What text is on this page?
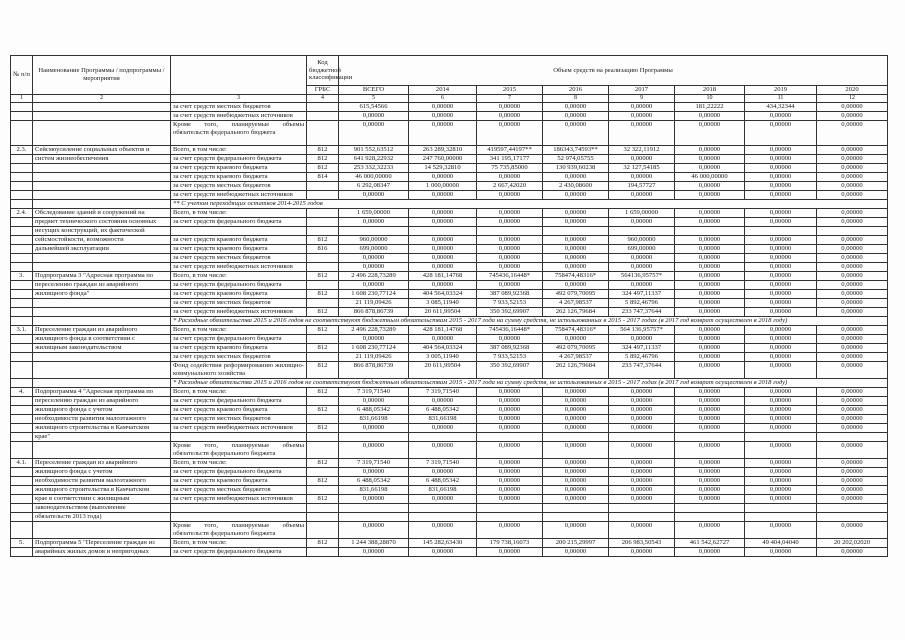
№ п/п	Наименование Программы / подпрограммы / мероприятия		Код бюджетной классификации	Объем средств на реализацию Программы							
			ГРБС	ВСЕГО	2014	2015	2016	2017	2018	2019	2020
1	2	3	4	5	6	7	8	9	10	11	12
		за счет средств местных бюджетов		615,54566	0,00000	0,00000	0,00000	0,00000	181,22222	434,32344	0,00000
		за счет средств внебюджетных источников		0,00000	0,00000	0,00000	0,00000	0,00000	0,00000	0,00000	0,00000
		Кроме того, планируемые объемы обязательств федерального бюджета		0,00000	0,00000	0,00000	0,00000	0,00000	0,00000	0,00000	0,00000
2.3.	Сейсмоусиление социальных объектов и	Всего, в том числе:	812	901 552,63512	263 289,32810	419597,44197**	186343,74593**	32 322,11912	0,00000	0,00000	0,00000
	систем жизнеобеспечения	за счет средств федерального бюджета	812	641 928,22932	247 760,00000	341 195,17177	52 974,05755	0,00000	0,00000	0,00000	0,00000
		за счет средств краевого бюджета	812	253 332,32233	14 529,32810	75 735,85000	130 939,60238	32 127,54185	0,00000	0,00000	0,00000
		за счет средств краевого бюджета	814	46 000,00000	0,00000	0,00000	0,00000	0,00000	46 000,00000	0,00000	0,00000
		за счет средств местных бюджетов		6 292,08347	1 000,00000	2 667,42020	2 430,08600	194,57727	0,00000	0,00000	0,00000
		за счет средств внебюджетных источников		0,00000	0,00000	0,00000	0,00000	0,00000	0,00000	0,00000	0,00000
		** С учетом переходящих остатков 2014-2015 годов									
2.4.	Обследование зданий и сооружений на	Всего, в том числе:		1 659,00000	0,00000	0,00000	0,00000	1 659,00000	0,00000	0,00000	0,00000
	предмет технического состояния основных	за счет средств федерального бюджета		0,00000	0,00000	0,00000	0,00000	0,00000	0,00000	0,00000	0,00000
	несущих конструкций, их фактической										
	сейсмостойкости, возможности	за счет средств краевого бюджета	812	960,00000	0,00000	0,00000	0,00000	960,00000	0,00000	0,00000	0,00000
	дальнейшей эксплуатации	за счет средств краевого бюджета	816	699,00000	0,00000	0,00000	0,00000	699,00000	0,00000	0,00000	0,00000
		за счет средств местных бюджетов		0,00000	0,00000	0,00000	0,00000	0,00000	0,00000	0,00000	0,00000
		за счет средств внебюджетных источников		0,00000	0,00000	0,00000	0,00000	0,00000	0,00000	0,00000	0,00000
3.	Подпрограмма 3 "Адресная программа по	Всего, в том числе:	812	2 496 228,73289	428 181,14768	745436,16448*	758474,48316*	564136,95757*	0,00000	0,00000	0,00000
	переселению граждан из аварийного	за счет средств федерального бюджета		0,00000	0,00000	0,00000	0,00000	0,00000	0,00000	0,00000	0,00000
	жилищного фонда"	за счет средств краевого бюджета	812	1 608 230,77124	404 564,03324	387 089,92368	492 079,70095	324 497,11337	0,00000	0,00000	0,00000
		за счет средств местных бюджетов		21 119,09426	3 085,11940	7 933,52153	4 267,98537	5 892,46796	0,00000	0,00000	0,00000
		за счет средств внебюджетных источников	812	866 878,86739	20 611,99504	350 392,69907	262 126,79684	233 747,37644	0,00000	0,00000	0,00000
		* Расходные обязательства 2015 и 2016 годов не соответствуют бюджетным обязательствам 2015 - 2017 года на сумму средств, не использованных в 2015 - 2017 годах (в 2017 год возврат осуществлен в 2018 году)									
3.1.	Переселение граждан из аварийного	Всего, в том числе:	812	2 496 228,73289	428 181,14768	745436,16448*	758474,48316*	564 136,95757*	0,00000	0,00000	0,00000
	жилищного фонда в соответствии с	за счет средств федерального бюджета		0,00000	0,00000	0,00000	0,00000	0,00000	0,00000	0,00000	0,00000
	жилищным законодательством	за счет средств краевого бюджета	812	1 608 230,77124	404 564,03324	387 089,92368	492 079,70095	324 497,11337	0,00000	0,00000	0,00000
		за счет средств местных бюджетов		21 119,09426	3 005,11940	7 933,52153	4 267,98537	5 892,46796	0,00000	0,00000	0,00000
		Фонд содействия реформированию жилищно-коммунального хозяйства	812	866 878,86739	20 611,99504	350 392,69907	262 126,79684	233 747,37644	0,00000	0,00000	0,00000
		* Расходные обязательства 2015 и 2016 годов не соответствуют бюджетным обязательствам 2015 - 2017 года на сумму средств, не использованных в 2015 - 2017 годах (в 2017 год возврат осуществлен в 2018 году)									
4.	Подпрограмма 4 "Адресная программа по	Всего, в том числе:	812	7 319,71540	7 319,71540	0,00000	0,00000	0,00000	0,00000	0,00000	0,00000
	переселению граждан из аварийного	за счет средств федерального бюджета		0,00000	0,00000	0,00000	0,00000	0,00000	0,00000	0,00000	0,00000
	жилищного фонда с учетом	за счет средств краевого бюджета	812	6 488,05342	6 488,05342	0,00000	0,00000	0,00000	0,00000	0,00000	0,00000
	необходимости развития малоэтажного	за счет средств местных бюджетов		831,66198	831,66198	0,00000	0,00000	0,00000	0,00000	0,00000	0,00000
	жилищного строительства в Камчатском	за счет средств внебюджетных источников	812	0,00000	0,00000	0,00000	0,00000	0,00000	0,00000	0,00000	0,00000
	крае"										
		Кроме того, планируемые объемы обязательств федерального бюджета		0,00000	0,00000	0,00000	0,00000	0,00000	0,00000	0,00000	0,00000
4.1.	Переселение граждан из аварийного	Всего, в том числе:	812	7 319,71540	7 319,71540	0,00000	0,00000	0,00000	0,00000	0,00000	0,00000
	жилищного фонда с учетом	за счет средств федерального бюджета		0,00000	0,00000	0,00000	0,00000	0,00000	0,00000	0,00000	0,00000
	необходимости развития малоэтажного	за счет средств краевого бюджета	812	6 488,05342	6 488,05342	0,00000	0,00000	0,00000	0,00000	0,00000	0,00000
	жилищного строительства в Камчатском	за счет средств местных бюджетов		831,66198	831,66198	0,00000	0,00000	0,00000	0,00000	0,00000	0,00000
	крае в соответствии с жилищным	за счет средств внебюджетных источников	812	0,00000	0,00000	0,00000	0,00000	0,00000	0,00000	0,00000	0,00000
	законодательством (выполнение										
	обязательств 2013 года)										
		Кроме того, планируемые объемы обязательств федерального бюджета		0,00000	0,00000	0,00000	0,00000	0,00000	0,00000	0,00000	0,00000
5.	Подпрограмма 5 "Переселение граждан из	Всего, в том числе:	812	1 244 388,28870	145 282,63430	179 738,16073	200 215,29997	206 983,50543	461 542,62727	49 404,04040	20 202,02020
	аварийных жилых домов и непригодных	за счет средств федерального бюджета		0,00000	0,00000	0,00000	0,00000	0,00000	0,00000	0,00000	0,00000
